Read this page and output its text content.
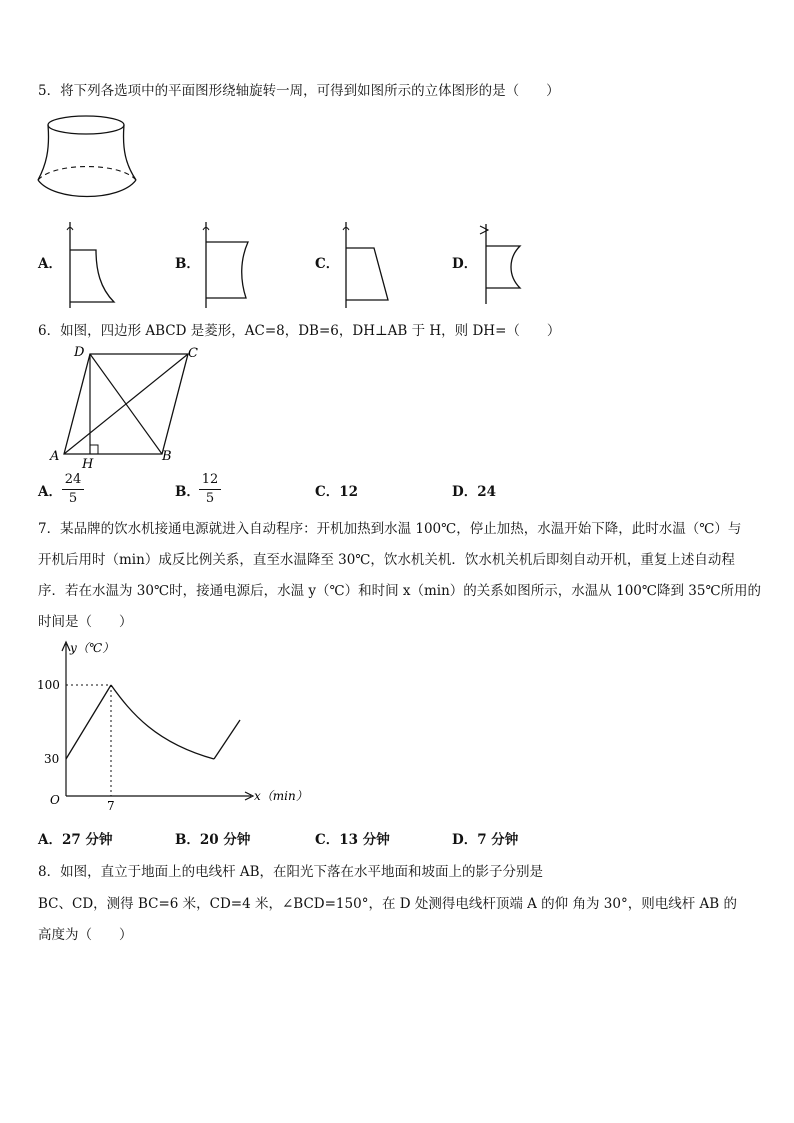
5．将下列各选项中的平面图形绕轴旋转一周，可得到如图所示的立体图形的是（　　）
A．	B．	C．	D．
6．如图，四边形 ABCD 是菱形，AC=8，DB=6，DH⊥AB 于 H，则 DH=（　　）
D	C
A	B
H
A．
24
5	B．
12
5	C．12	D．24
7．某品牌的饮水机接通电源就进入自动程序：开机加热到水温 100℃，停止加热，水温开始下降，此时水温（℃）与
开机后用时（min）成反比例关系，直至水温降至 30℃，饮水机关机．饮水机关机后即刻自动开机，重复上述自动程
序．若在水温为 30℃时，接通电源后，水温 y（℃）和时间 x（min）的关系如图所示，水温从 100℃降到 35℃所用的
时间是（　　）
y（℃）
x（min）
O
100
30
7
A．27 分钟	B．20 分钟	C．13 分钟	D．7 分钟
8．如图，直立于地面上的电线杆 AB，在阳光下落在水平地面和坡面上的影子分别是
BC、CD，测得 BC=6 米，CD=4 米，∠BCD=150°，在 D 处测得电线杆顶端 A 的仰 角为 30°，则电线杆 AB 的
高度为（　　）
